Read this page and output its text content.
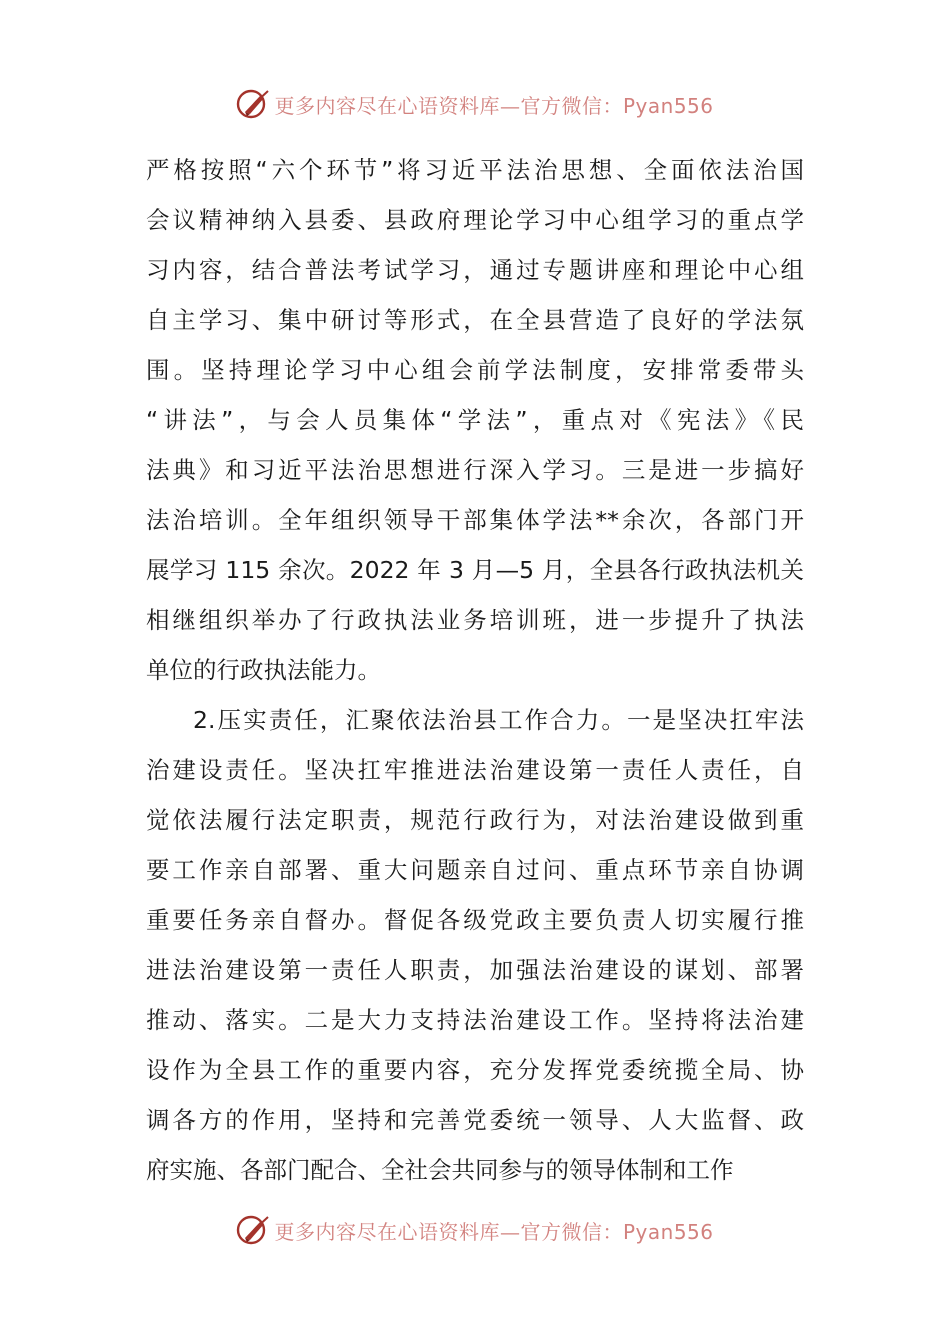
更多内容尽在心语资料库—官方微信：Pyan556
严格按照“六个环节”将习近平法治思想、全面依法治国
会议精神纳入县委、县政府理论学习中心组学习的重点学
习内容，结合普法考试学习，通过专题讲座和理论中心组
自主学习、集中研讨等形式，在全县营造了良好的学法氛
围。坚持理论学习中心组会前学法制度，安排常委带头
“讲法”，与会人员集体“学法”，重点对《宪法》《民
法典》和习近平法治思想进行深入学习。三是进一步搞好
法治培训。全年组织领导干部集体学法**余次，各部门开
展学习 115 余次。2022 年 3 月—5 月，全县各行政执法机关
相继组织举办了行政执法业务培训班，进一步提升了执法
单位的行政执法能力。
2.压实责任，汇聚依法治县工作合力。一是坚决扛牢法
治建设责任。坚决扛牢推进法治建设第一责任人责任，自
觉依法履行法定职责，规范行政行为，对法治建设做到重
要工作亲自部署、重大问题亲自过问、重点环节亲自协调
重要任务亲自督办。督促各级党政主要负责人切实履行推
进法治建设第一责任人职责，加强法治建设的谋划、部署
推动、落实。二是大力支持法治建设工作。坚持将法治建
设作为全县工作的重要内容，充分发挥党委统揽全局、协
调各方的作用，坚持和完善党委统一领导、人大监督、政
府实施、各部门配合、全社会共同参与的领导体制和工作
更多内容尽在心语资料库—官方微信：Pyan556
